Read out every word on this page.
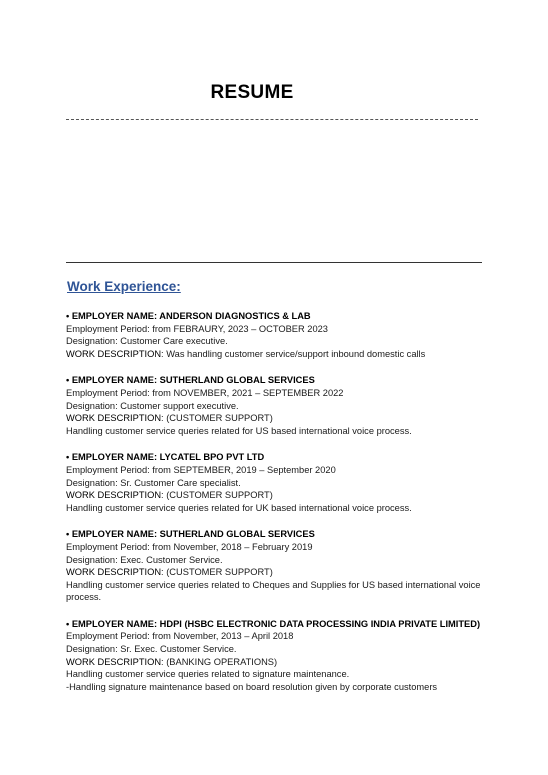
RESUME
Work Experience:
• EMPLOYER NAME: ANDERSON DIAGNOSTICS & LAB
Employment Period: from FEBRAURY, 2023 – OCTOBER 2023
Designation: Customer Care executive.
WORK DESCRIPTION: Was handling customer service/support inbound domestic calls
• EMPLOYER NAME: SUTHERLAND GLOBAL SERVICES
Employment Period: from NOVEMBER, 2021 – SEPTEMBER 2022
Designation: Customer support executive.
WORK DESCRIPTION: (CUSTOMER SUPPORT)
Handling customer service queries related for US based international voice process.
• EMPLOYER NAME: LYCATEL BPO PVT LTD
Employment Period: from SEPTEMBER, 2019 – September 2020
Designation: Sr. Customer Care specialist.
WORK DESCRIPTION: (CUSTOMER SUPPORT)
Handling customer service queries related for UK based international voice process.
• EMPLOYER NAME: SUTHERLAND GLOBAL SERVICES
Employment Period: from November, 2018 – February 2019
Designation: Exec. Customer Service.
WORK DESCRIPTION: (CUSTOMER SUPPORT)
Handling customer service queries related to Cheques and Supplies for US based international voice process.
• EMPLOYER NAME: HDPI (HSBC ELECTRONIC DATA PROCESSING INDIA PRIVATE LIMITED)
Employment Period: from November, 2013 – April 2018
Designation: Sr. Exec. Customer Service.
WORK DESCRIPTION: (BANKING OPERATIONS)
Handling customer service queries related to signature maintenance.
-Handling signature maintenance based on board resolution given by corporate customers
